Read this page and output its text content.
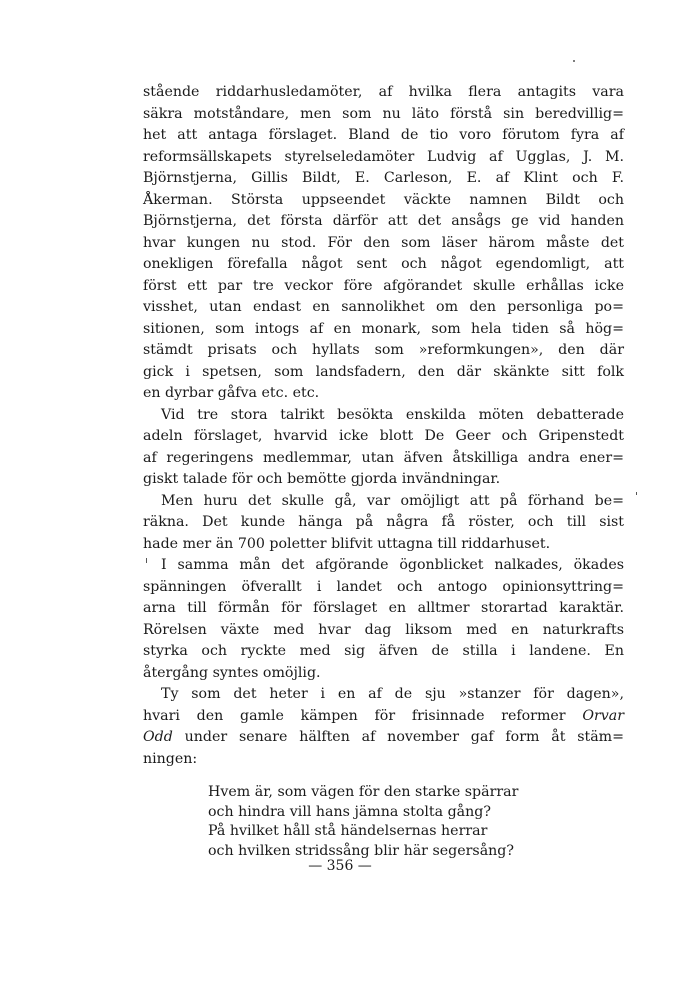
stående riddarhusledamöter, af hvilka flera antagits vara
säkra motståndare, men som nu läto förstå sin beredvillig=
het att antaga förslaget. Bland de tio voro förutom fyra af
reformsällskapets styrelseledamöter Ludvig af Ugglas, J. M.
Björnstjerna, Gillis Bildt, E. Carleson, E. af Klint och F.
Åkerman. Största uppseendet väckte namnen Bildt och
Björnstjerna, det första därför att det ansågs ge vid handen
hvar kungen nu stod. För den som läser härom måste det
onekligen förefalla något sent och något egendomligt, att
först ett par tre veckor före afgörandet skulle erhållas icke
visshet, utan endast en sannolikhet om den personliga po=
sitionen, som intogs af en monark, som hela tiden så hög=
stämdt prisats och hyllats som »reformkungen», den där
gick i spetsen, som landsfadern, den där skänkte sitt folk
en dyrbar gåfva etc. etc.
Vid tre stora talrikt besökta enskilda möten debatterade
adeln förslaget, hvarvid icke blott De Geer och Gripenstedt
af regeringens medlemmar, utan äfven åtskilliga andra ener=
giskt talade för och bemötte gjorda invändningar.
Men huru det skulle gå, var omöjligt att på förhand be=
räkna. Det kunde hänga på några få röster, och till sist
hade mer än 700 poletter blifvit uttagna till riddarhuset.
I samma mån det afgörande ögonblicket nalkades, ökades
spänningen öfverallt i landet och antogo opinionsyttring=
arna till förmån för förslaget en alltmer storartad karaktär.
Rörelsen växte med hvar dag liksom med en naturkrafts
styrka och ryckte med sig äfven de stilla i landene. En
återgång syntes omöjlig.
Ty som det heter i en af de sju »stanzer för dagen»,
hvari den gamle kämpen för frisinnade reformer Orvar
Odd under senare hälften af november gaf form åt stäm=
ningen:
Hvem är, som vägen för den starke spärrar
och hindra vill hans jämna stolta gång?
På hvilket håll stå händelsernas herrar
och hvilken stridssång blir här segersång?
— 356 —
